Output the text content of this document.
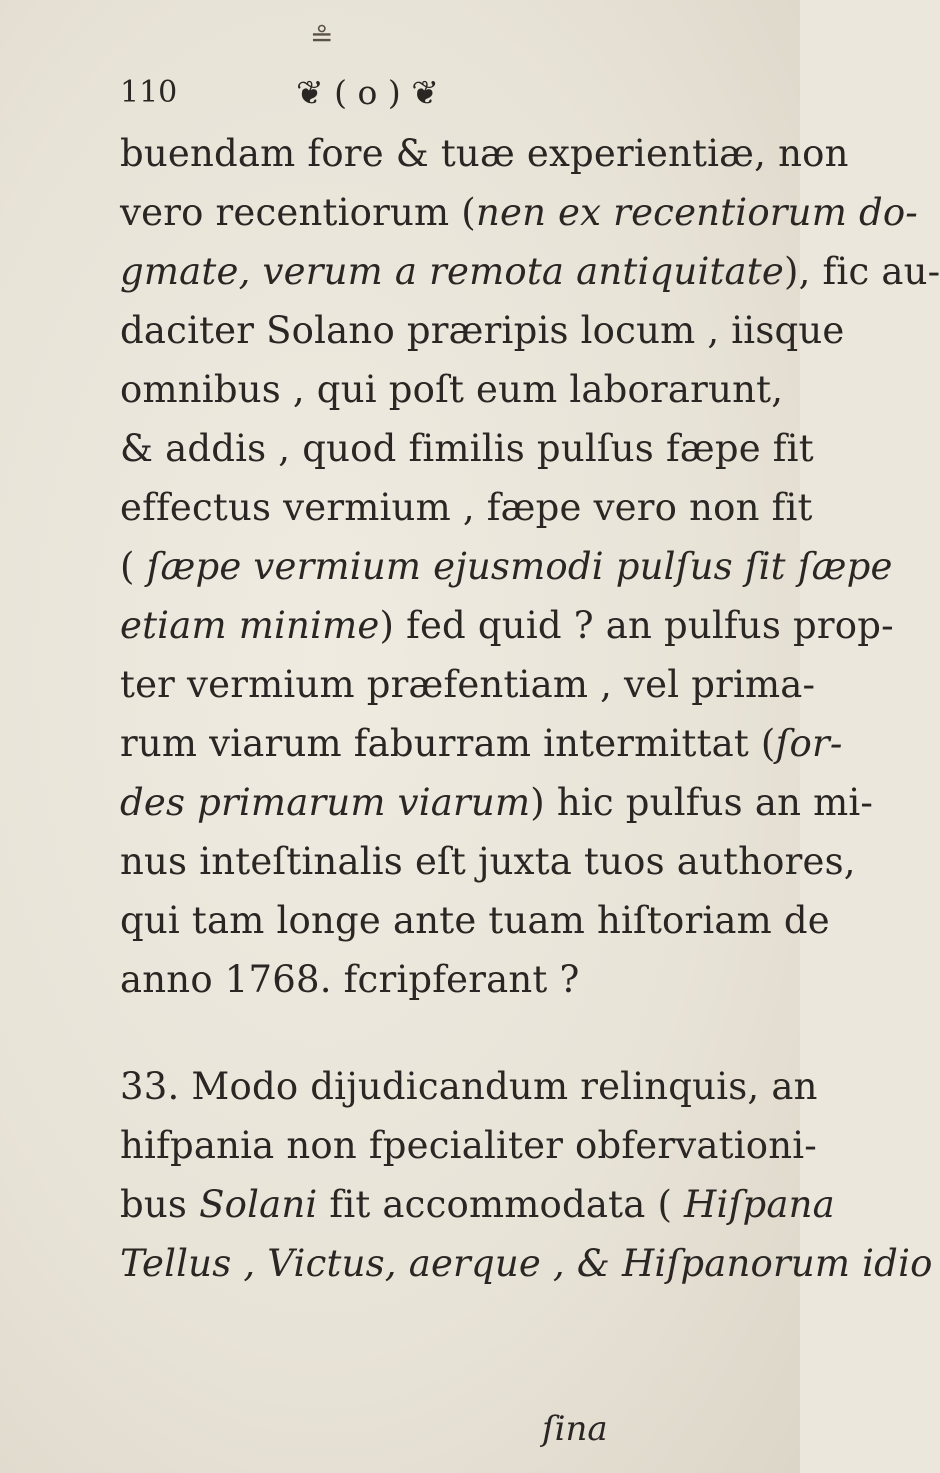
110	❦ ( o ) ❦
≗
buendam fore & tuæ experientiæ, non
vero recentiorum (nen ex recentiorum do-
gmate, verum a remota antiquitate), fic au-
daciter Solano præripis locum , iisque
omnibus , qui poſt eum laborarunt,
& addis , quod fimilis pulſus fæpe fit
effectus vermium , fæpe vero non fit
( ſæpe vermium ejusmodi pulſus ſit ſæpe
etiam minime) fed quid ? an pulfus prop-
ter vermium præfentiam , vel prima-
rum viarum faburram intermittat (ſor-
des primarum viarum) hic pulfus an mi-
nus inteſtinalis eſt juxta tuos authores,
qui tam longe ante tuam hiſtoriam de
anno 1768. fcripferant ?
33. Modo dijudicandum relinquis, an
hifpania non fpecialiter obfervationi-
bus Solani fit accommodata ( Hiſpana
Tellus , Victus, aerque , & Hiſpanorum idio
ſina
